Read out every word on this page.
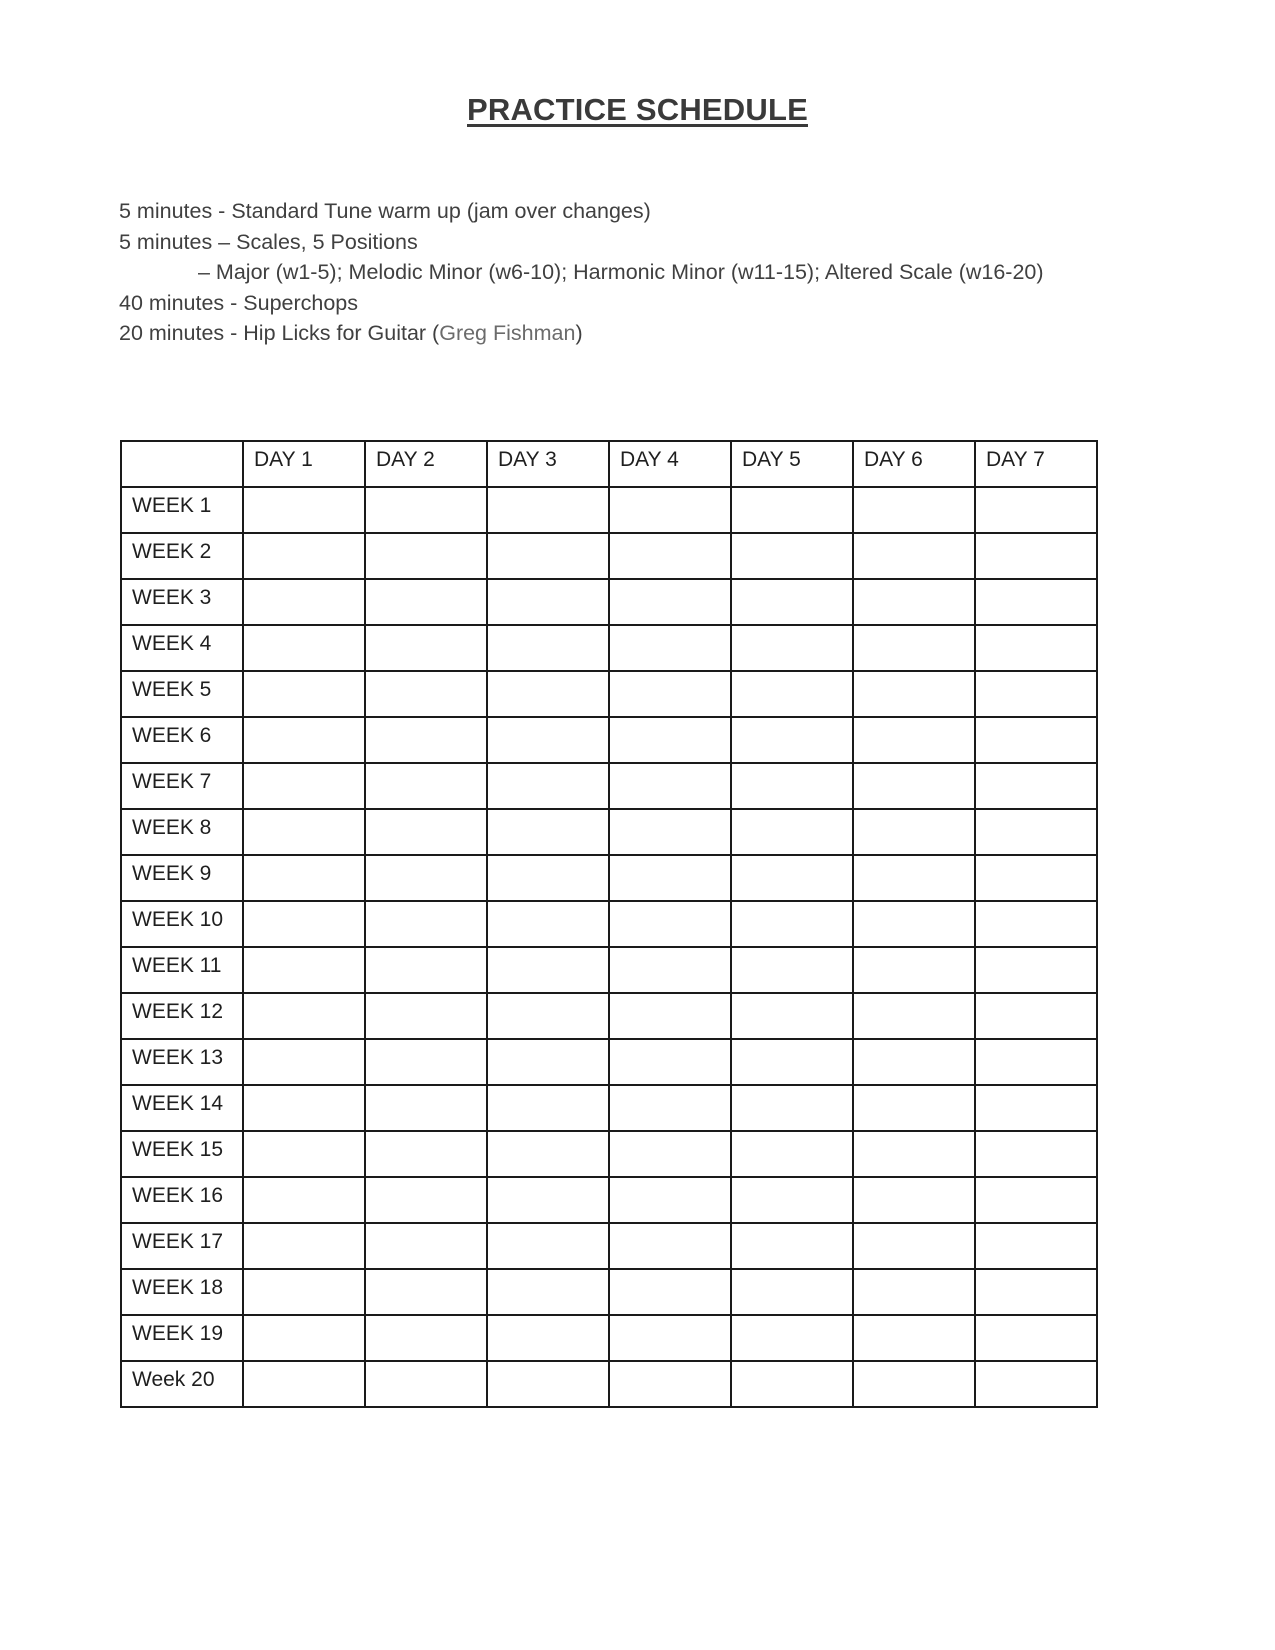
PRACTICE SCHEDULE
5 minutes - Standard Tune warm up (jam over changes)
5 minutes – Scales, 5 Positions
– Major (w1-5); Melodic Minor (w6-10); Harmonic Minor (w11-15); Altered Scale (w16-20)
40 minutes - Superchops
20 minutes - Hip Licks for Guitar (Greg Fishman)

	DAY 1	DAY 2	DAY 3	DAY 4	DAY 5	DAY 6	DAY 7

WEEK 1							

WEEK 2							

WEEK 3							

WEEK 4							

WEEK 5							

WEEK 6							

WEEK 7							

WEEK 8							

WEEK 9							

WEEK 10							

WEEK 11							

WEEK 12							

WEEK 13							

WEEK 14							

WEEK 15							

WEEK 16							

WEEK 17							

WEEK 18							

WEEK 19							

Week 20							
